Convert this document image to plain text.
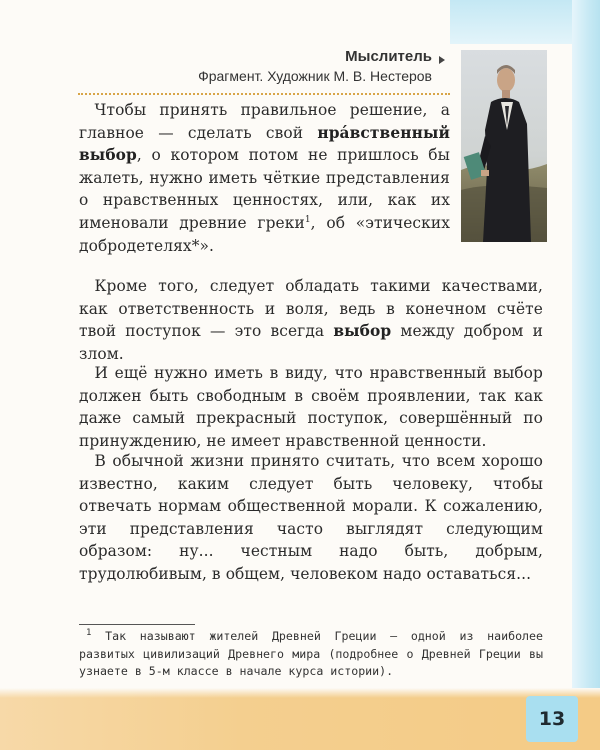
Мыслитель
Фрагмент. Художник М. В. Нестеров

 Чтобы принять правильное решение, а главное — сделать свой нра́вственный выбор, о котором потом не пришлось бы жалеть, нужно иметь чёткие представления о нравственных ценностях, или, как их именовали древние греки$^1$, об «этических добродетелях*».

 Кроме того, следует обладать такими качествами, как ответственность и воля, ведь в конечном счёте твой поступок — это всегда выбор между добром и злом.

 И ещё нужно иметь в виду, что нравственный выбор должен быть свободным в своём проявлении, так как даже самый прекрасный поступок, совершённый по принуждению, не имеет нравственной ценности.

 В обычной жизни принято считать, что всем хорошо известно, каким следует быть человеку, чтобы отвечать нормам общественной морали. К сожалению, эти представления часто выглядят следующим образом: ну... честным надо быть, добрым, трудолюбивым, в общем, человеком надо оставаться...

 $^1$ Так называют жителей Древней Греции — одной из наиболее развитых цивилизаций Древнего мира (подробнее о Древней Греции вы узнаете в 5-м классе в начале курса истории).
13
